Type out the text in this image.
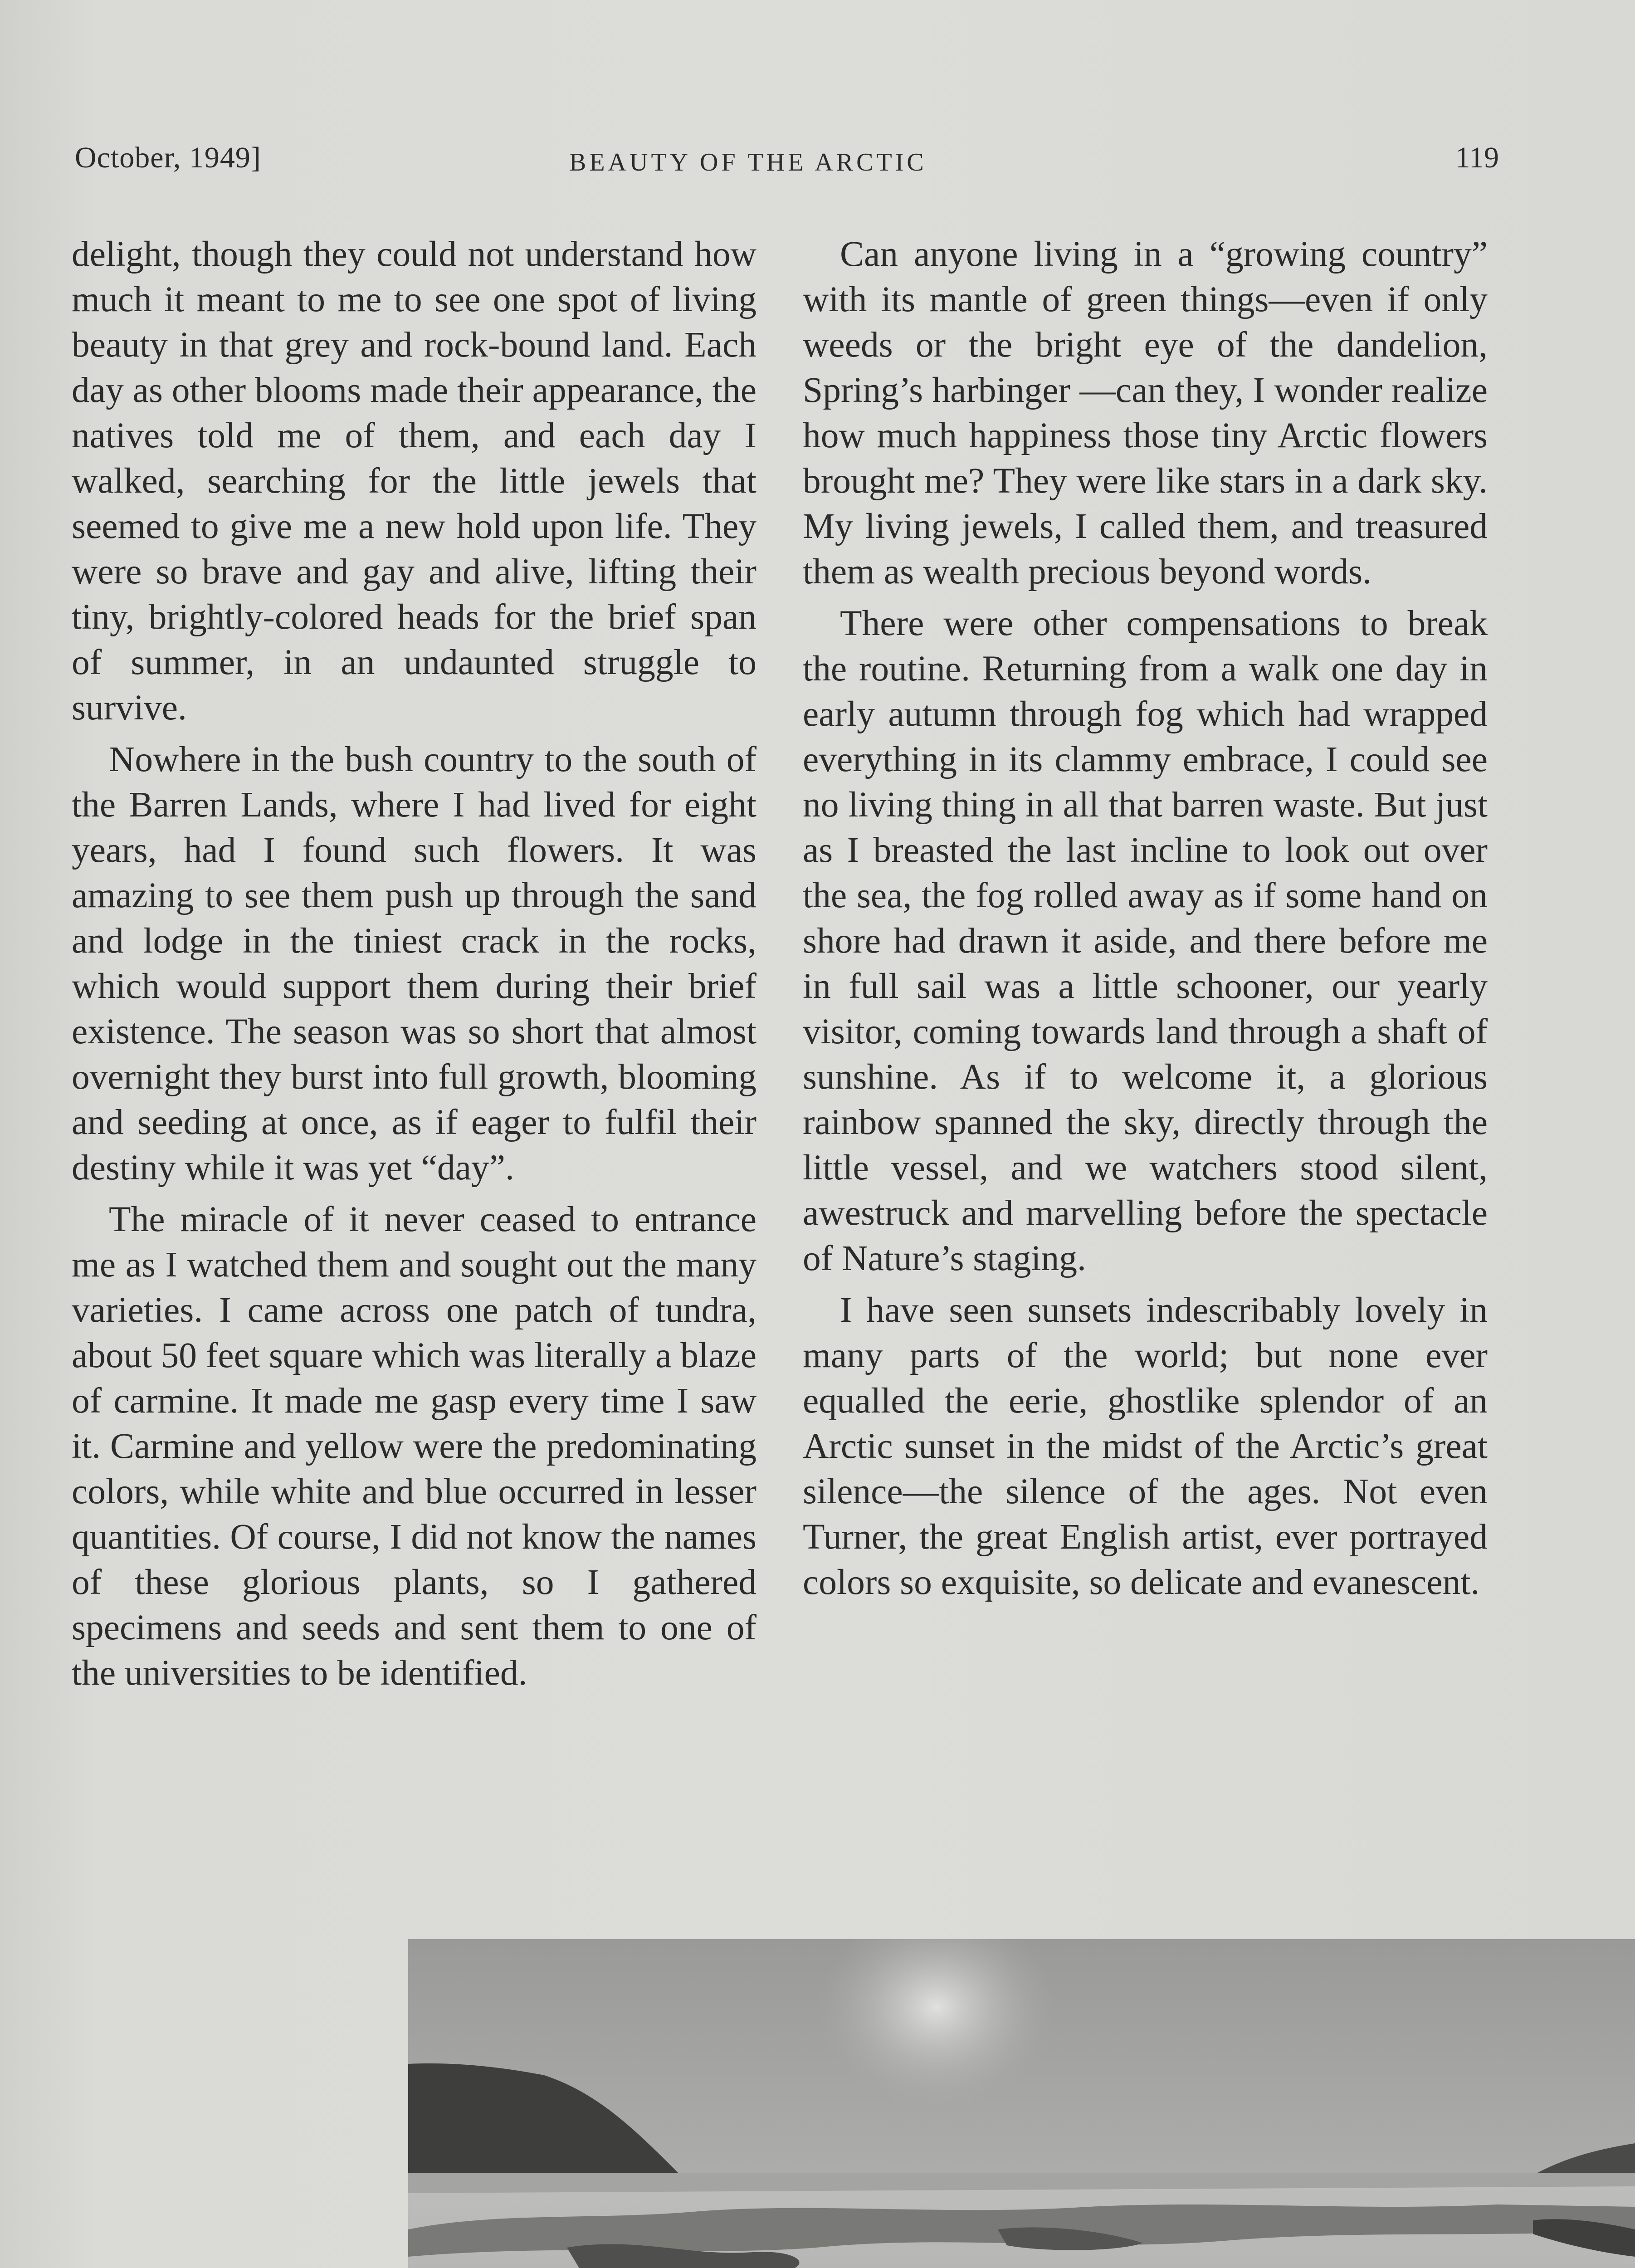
October, 1949]	BEAUTY OF THE ARCTIC	119

delight, though they could not understand how much it meant to me to see one spot of living beauty in that grey and rock-bound land. Each day as other blooms made their appearance, the natives told me of them, and each day I walked, searching for the little jewels that seemed to give me a new hold upon life. They were so brave and gay and alive, lifting their tiny, brightly-colored heads for the brief span of summer, in an undaunted struggle to survive.

Nowhere in the bush country to the south of the Barren Lands, where I had lived for eight years, had I found such flowers. It was amazing to see them push up through the sand and lodge in the tiniest crack in the rocks, which would support them during their brief existence. The season was so short that almost overnight they burst into full growth, blooming and seeding at once, as if eager to fulfil their destiny while it was yet “day”.

The miracle of it never ceased to entrance me as I watched them and sought out the many varieties. I came across one patch of tundra, about 50 feet square which was literally a blaze of carmine. It made me gasp every time I saw it. Carmine and yellow were the predominating colors, while white and blue occurred in lesser quantities. Of course, I did not know the names of these glorious plants, so I gathered specimens and seeds and sent them to one of the universities to be identified.

Can anyone living in a “growing country” with its mantle of green things—even if only weeds or the bright eye of the dandelion, Spring’s harbinger —can they, I wonder realize how much happiness those tiny Arctic flowers brought me? They were like stars in a dark sky. My living jewels, I called them, and treasured them as wealth precious beyond words.

There were other compensations to break the routine. Returning from a walk one day in early autumn through fog which had wrapped everything in its clammy embrace, I could see no living thing in all that barren waste. But just as I breasted the last incline to look out over the sea, the fog rolled away as if some hand on shore had drawn it aside, and there before me in full sail was a little schooner, our yearly visitor, coming towards land through a shaft of sunshine. As if to welcome it, a glorious rainbow spanned the sky, directly through the little vessel, and we watchers stood silent, awestruck and marvelling before the spectacle of Nature’s staging.

I have seen sunsets indescribably lovely in many parts of the world; but none ever equalled the eerie, ghostlike splendor of an Arctic sunset in the midst of the Arctic’s great silence—the silence of the ages. Not even Turner, the great English artist, ever portrayed colors so exquisite, so delicate and evanescent.
